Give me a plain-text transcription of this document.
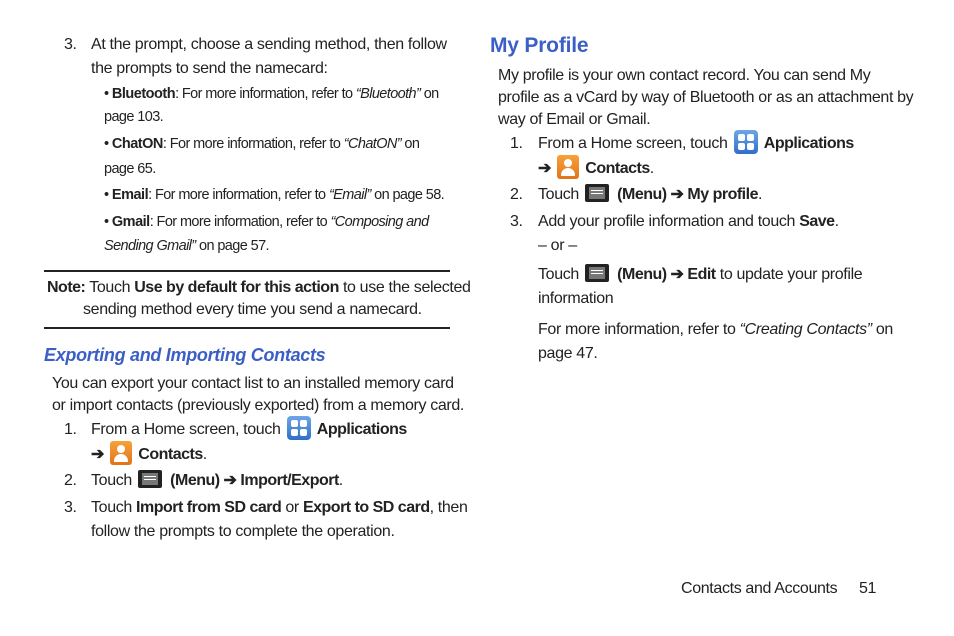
3. At the prompt, choose a sending method, then follow
the prompts to send the namecard:
• Bluetooth: For more information, refer to “Bluetooth” on
page 103.
• ChatON: For more information, refer to “ChatON” on
page 65.
• Email: For more information, refer to “Email” on page 58.
• Gmail: For more information, refer to “Composing and
Sending Gmail” on page 57.
Note: Touch Use by default for this action to use the selected
sending method every time you send a namecard.
Exporting and Importing Contacts
You can export your contact list to an installed memory card
or import contacts (previously exported) from a memory card.
1. From a Home screen, touch Applications
➔ Contacts.
2. Touch (Menu) ➔ Import/Export.
3. Touch Import from SD card or Export to SD card, then
follow the prompts to complete the operation.
My Profile
My profile is your own contact record. You can send My
profile as a vCard by way of Bluetooth or as an attachment by
way of Email or Gmail.
1. From a Home screen, touch Applications
➔ Contacts.
2. Touch (Menu) ➔ My profile.
3. Add your profile information and touch Save.
– or –
Touch (Menu) ➔ Edit to update your profile
information
For more information, refer to “Creating Contacts” on
page 47.
Contacts and Accounts 51
